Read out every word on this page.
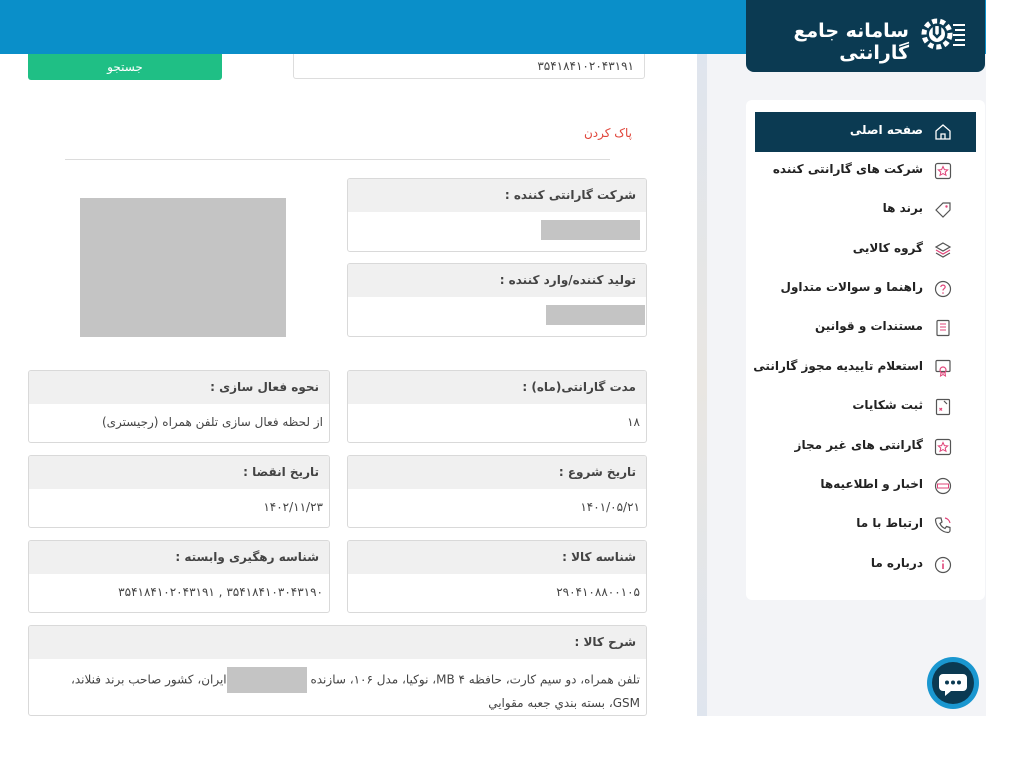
سامانه جامع گارانتی
جستجو
۳۵۴۱۸۴۱۰۲۰۴۳۱۹۱
پاک کردن
شرکت گارانتی کننده :
تولید کننده/وارد کننده :
مدت گارانتی(ماه) :
۱۸
نحوه فعال سازی :
از لحظه فعال سازی تلفن همراه (رجیستری)
تاریخ شروع :
۱۴۰۱/۰۵/۲۱
تاریخ انقضا :
۱۴۰۲/۱۱/۲۳
شناسه کالا :
۲۹۰۴۱۰۸۸۰۰۱۰۵
شناسه رهگیری وابسته :
۳۵۴۱۸۴۱۰۳۰۴۳۱۹۰ , ۳۵۴۱۸۴۱۰۲۰۴۳۱۹۱
شرح کالا :
تلفن همراه، دو سیم کارت، حافظه ۴ MB، نوکیا، مدل ۱۰۶، سازنده ایران، کشور صاحب برند فنلاند، GSM، بسته بندي جعبه مقوايي
صفحه اصلی
شرکت های گارانتی کننده
برند ها
گروه کالایی
راهنما و سوالات متداول
مستندات و قوانین
استعلام تاییدیه مجوز گارانتی
ثبت شکایات
گارانتی های غیر مجاز
اخبار و اطلاعیه‌ها
ارتباط با ما
درباره ما
